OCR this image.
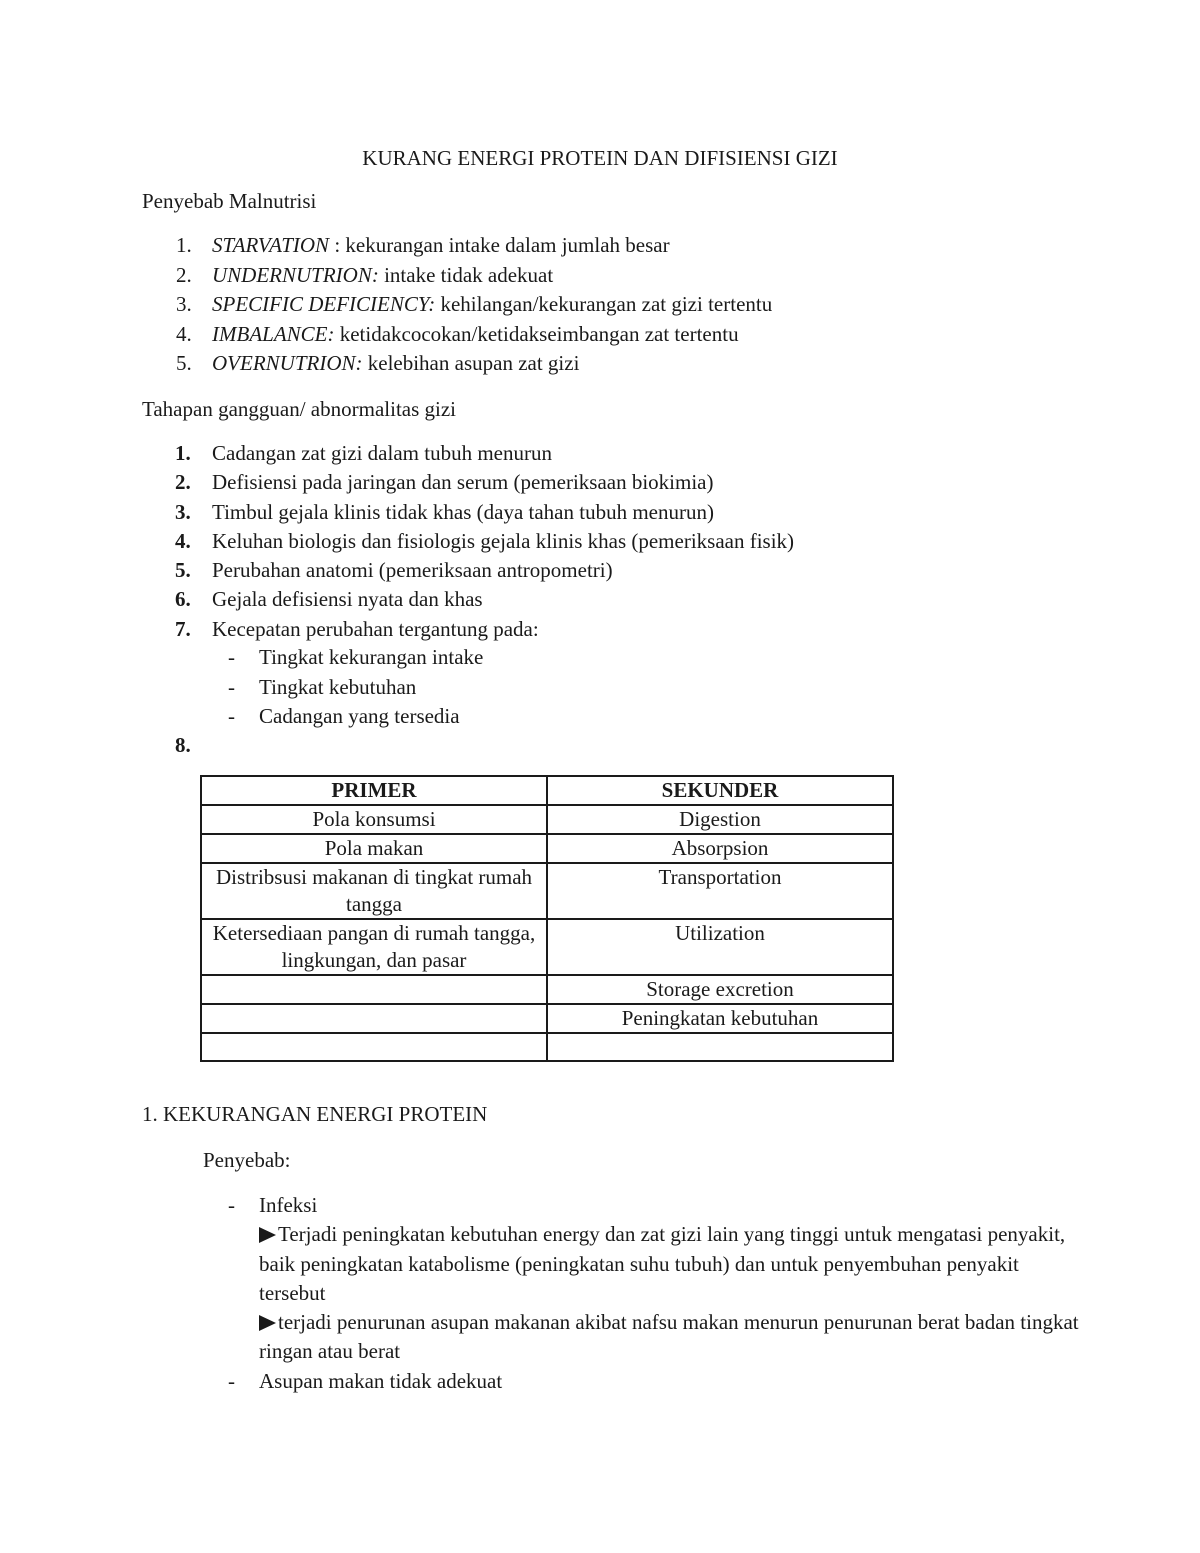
KURANG ENERGI PROTEIN DAN DIFISIENSI GIZI
Penyebab Malnutrisi
1. STARVATION : kekurangan intake dalam jumlah besar
2. UNDERNUTRION: intake tidak adekuat
3. SPECIFIC DEFICIENCY: kehilangan/kekurangan zat gizi tertentu
4. IMBALANCE: ketidakcocokan/ketidakseimbangan zat tertentu
5. OVERNUTRION: kelebihan asupan zat gizi
Tahapan gangguan/ abnormalitas gizi
1. Cadangan zat gizi dalam tubuh menurun
2. Defisiensi pada jaringan dan serum (pemeriksaan biokimia)
3. Timbul gejala klinis tidak khas (daya tahan tubuh menurun)
4. Keluhan biologis dan fisiologis gejala klinis khas (pemeriksaan fisik)
5. Perubahan anatomi (pemeriksaan antropometri)
6. Gejala defisiensi nyata dan khas
7. Kecepatan perubahan tergantung pada:
- Tingkat kekurangan intake
- Tingkat kebutuhan
- Cadangan yang tersedia
8.
PRIMER	SEKUNDER
Pola konsumsi	Digestion
Pola makan	Absorpsion
Distribsusi makanan di tingkat rumah tangga	Transportation
Ketersediaan pangan di rumah tangga, lingkungan, dan pasar	Utilization
	Storage excretion
	Peningkatan kebutuhan

1. KEKURANGAN ENERGI PROTEIN
Penyebab:
- Infeksi
Terjadi peningkatan kebutuhan energy dan zat gizi lain yang tinggi untuk mengatasi penyakit, baik peningkatan katabolisme (peningkatan suhu tubuh) dan untuk penyembuhan penyakit tersebut
terjadi penurunan asupan makanan akibat nafsu makan menurun penurunan berat badan tingkat ringan atau berat
- Asupan makan tidak adekuat
